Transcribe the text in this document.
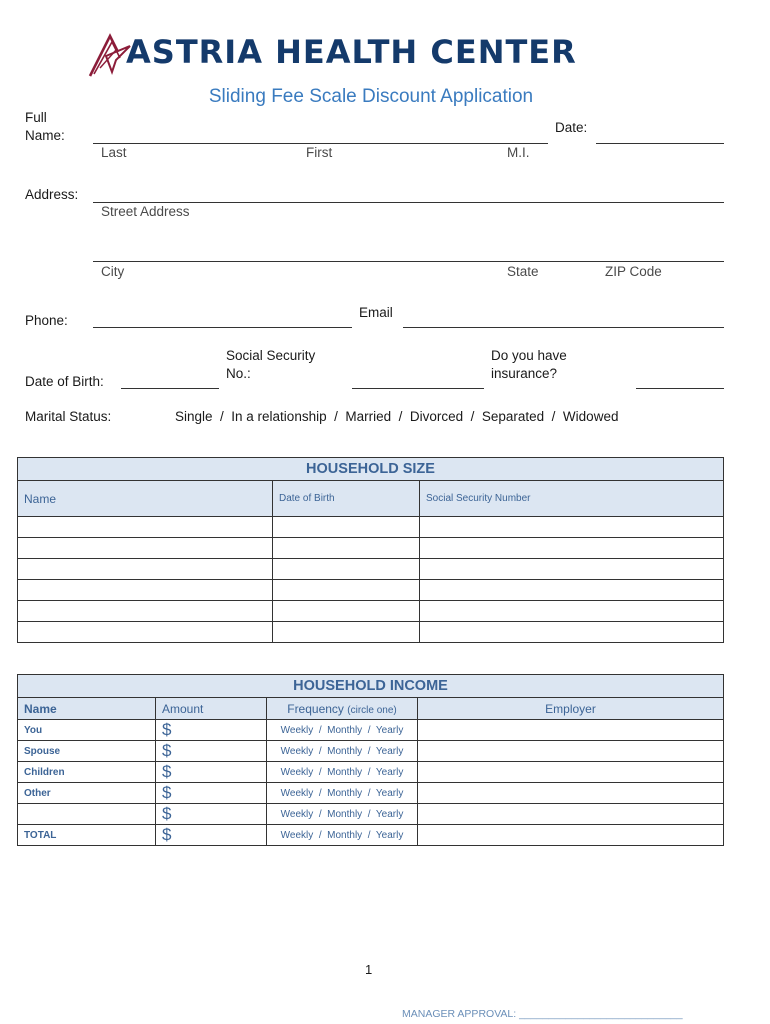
ASTRIA HEALTH CENTER
Sliding Fee Scale Discount Application
Full
Name:
Last	First	M.I.
Date:
Address:
Street Address
City	State	ZIP Code
Phone:
Email
Date of Birth:
Social Security
No.:
Do you have
insurance?
Marital Status:	Single  /  In a relationship  /  Married  /  Divorced  /  Separated  /  Widowed
HOUSEHOLD SIZE		
Name	Date of Birth	Social Security Number

HOUSEHOLD INCOME			
Name	Amount	Frequency (circle one)	Employer
You	$	Weekly  /  Monthly  /  Yearly	
Spouse	$	Weekly  /  Monthly  /  Yearly	
Children	$	Weekly  /  Monthly  /  Yearly	
Other	$	Weekly  /  Monthly  /  Yearly	
	$	Weekly  /  Monthly  /  Yearly	
TOTAL	$	Weekly  /  Monthly  /  Yearly	
1
MANAGER APPROVAL: ____________________________
